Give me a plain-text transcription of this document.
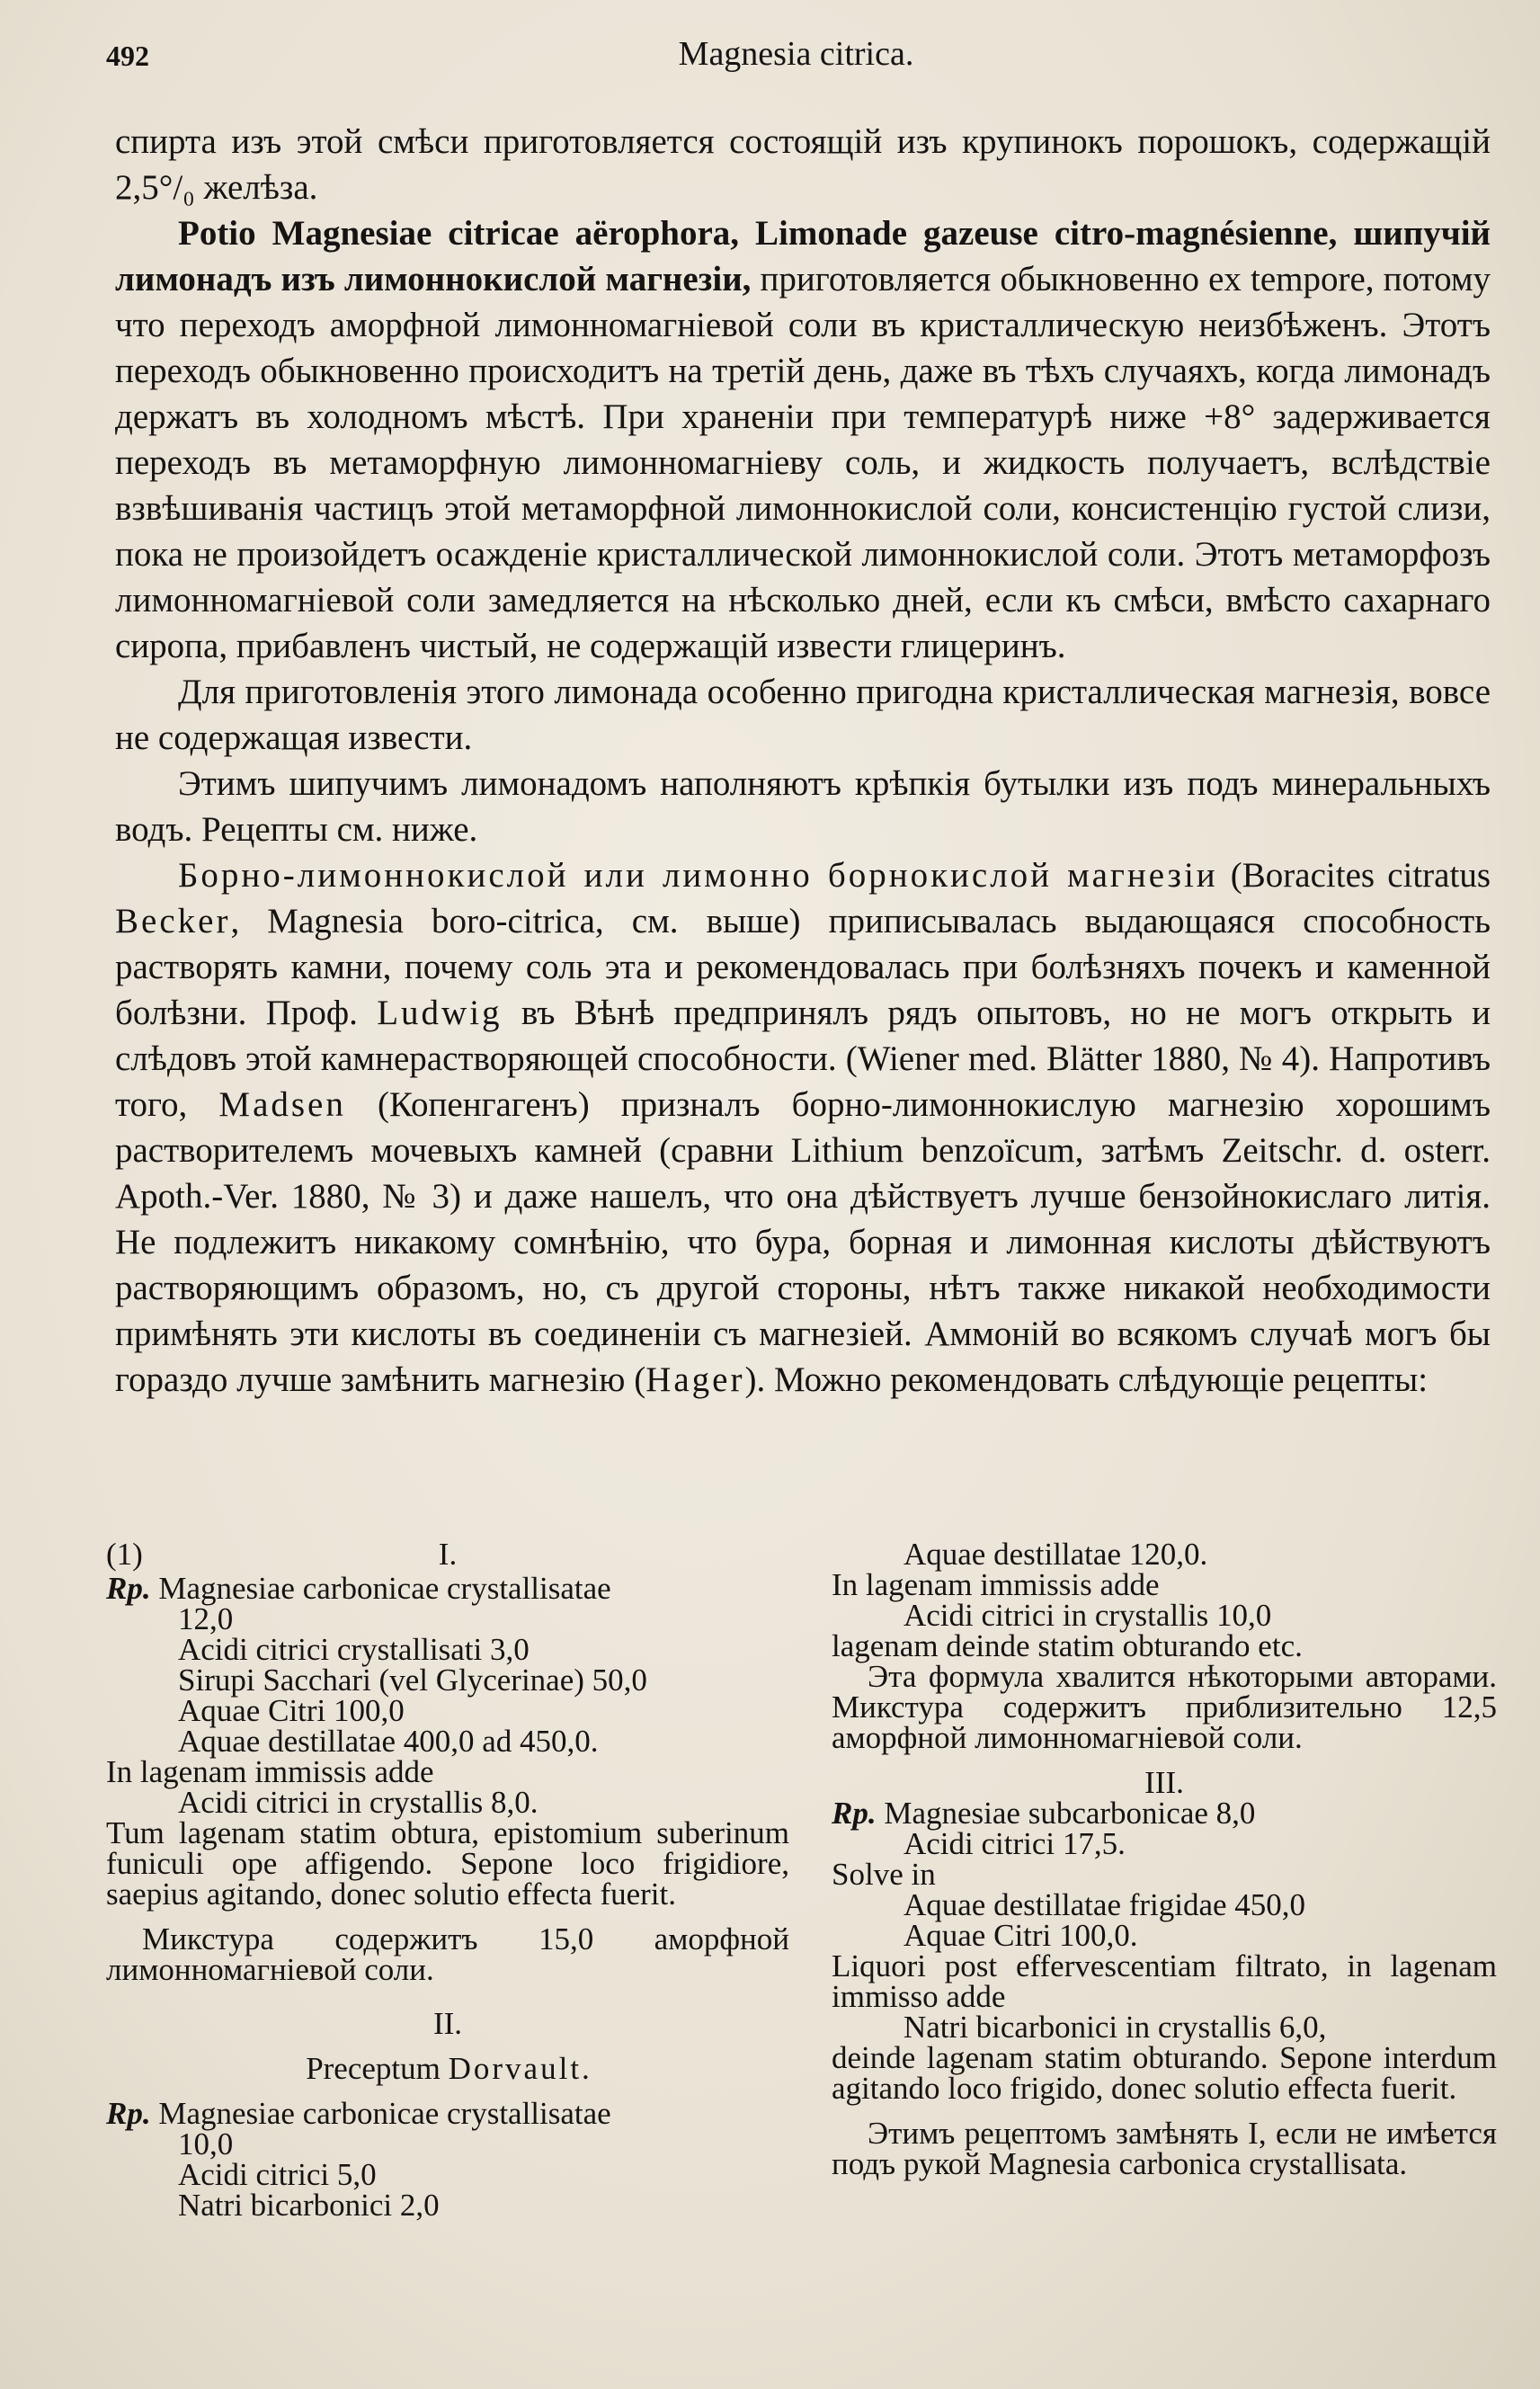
492	Magnesia citrica.

спирта изъ этой смѣси приготовляется состоящій изъ крупинокъ порошокъ, содержащій 2,5°/₀ желѣза.

Potio Magnesiae citricae aërophora, Limonade gazeuse citro-magnésienne, шипучій лимонадъ изъ лимоннокислой магнезіи, приготовляется обыкновенно ex tempore, потому что переходъ аморфной лимонномагніевой соли въ кристаллическую неизбѣженъ. Этотъ переходъ обыкновенно происходитъ на третій день, даже въ тѣхъ случаяхъ, когда лимонадъ держатъ въ холодномъ мѣстѣ. При храненіи при температурѣ ниже +8° задерживается переходъ въ метаморфную лимонномагніеву соль, и жидкость получаетъ, вслѣдствіе взвѣшиванія частицъ этой метаморфной лимоннокислой соли, консистенцію густой слизи, пока не произойдетъ осажденіе кристаллической лимоннокислой соли. Этотъ метаморфозъ лимонномагніевой соли замедляется на нѣсколько дней, если къ смѣси, вмѣсто сахарнаго сиропа, прибавленъ чистый, не содержащій извести глицеринъ.

Для приготовленія этого лимонада особенно пригодна кристаллическая магнезія, вовсе не содержащая извести.

Этимъ шипучимъ лимонадомъ наполняютъ крѣпкія бутылки изъ подъ минеральныхъ водъ. Рецепты см. ниже.

Борно-лимоннокислой или лимонно борнокислой магнезіи (Boracites citratus Becker, Magnesia boro-citrica, см. выше) приписывалась выдающаяся способность растворять камни, почему соль эта и рекомендовалась при болѣзняхъ почекъ и каменной болѣзни. Проф. Ludwig въ Вѣнѣ предпринялъ рядъ опытовъ, но не могъ открыть и слѣдовъ этой камнерастворяющей способности. (Wiener med. Blätter 1880, № 4). Напротивъ того, Madsen (Копенгагенъ) призналъ борно-лимоннокислую магнезію хорошимъ растворителемъ мочевыхъ камней (сравни Lithium benzoïcum, затѣмъ Zeitschr. d. osterr. Apoth.-Ver. 1880, № 3) и даже нашелъ, что она дѣйствуетъ лучше бензойнокислаго литія. Не подлежитъ никакому сомнѣнію, что бура, борная и лимонная кислоты дѣйствуютъ растворяющимъ образомъ, но, съ другой стороны, нѣтъ также никакой необходимости примѣнять эти кислоты въ соединеніи съ магнезіей. Аммоній во всякомъ случаѣ могъ бы гораздо лучше замѣнить магнезію (Hager). Можно рекомендовать слѣдующіе рецепты:

(1)	I.
Rp. Magnesiae carbonicae crystallisatae
12,0
Acidi citrici crystallisati 3,0
Sirupi Sacchari (vel Glycerinae) 50,0
Aquae Citri 100,0
Aquae destillatae 400,0 ad 450,0.
In lagenam immissis adde
Acidi citrici in crystallis 8,0.
Tum lagenam statim obtura, epistomium suberinum funiculi ope affigendo. Sepone loco frigidiore, saepius agitando, donec solutio effecta fuerit.
Микстура содержитъ 15,0 аморфной лимонномагніевой соли.
II.
Preceptum Dorvault.
Rp. Magnesiae carbonicae crystallisatae
10,0
Acidi citrici 5,0
Natri bicarbonici 2,0
Aquae destillatae 120,0.
In lagenam immissis adde
Acidi citrici in crystallis 10,0
lagenam deinde statim obturando etc.
Эта формула хвалится нѣкоторыми авторами. Микстура содержитъ приблизительно 12,5 аморфной лимонномагніевой соли.
III.
Rp. Magnesiae subcarbonicae 8,0
Acidi citrici 17,5.
Solve in
Aquae destillatae frigidae 450,0
Aquae Citri 100,0.
Liquori post effervescentiam filtrato, in lagenam immisso adde
Natri bicarbonici in crystallis 6,0,
deinde lagenam statim obturando. Sepone interdum agitando loco frigido, donec solutio effecta fuerit.
Этимъ рецептомъ замѣнять I, если не имѣется подъ рукой Magnesia carbonica crystallisata.
